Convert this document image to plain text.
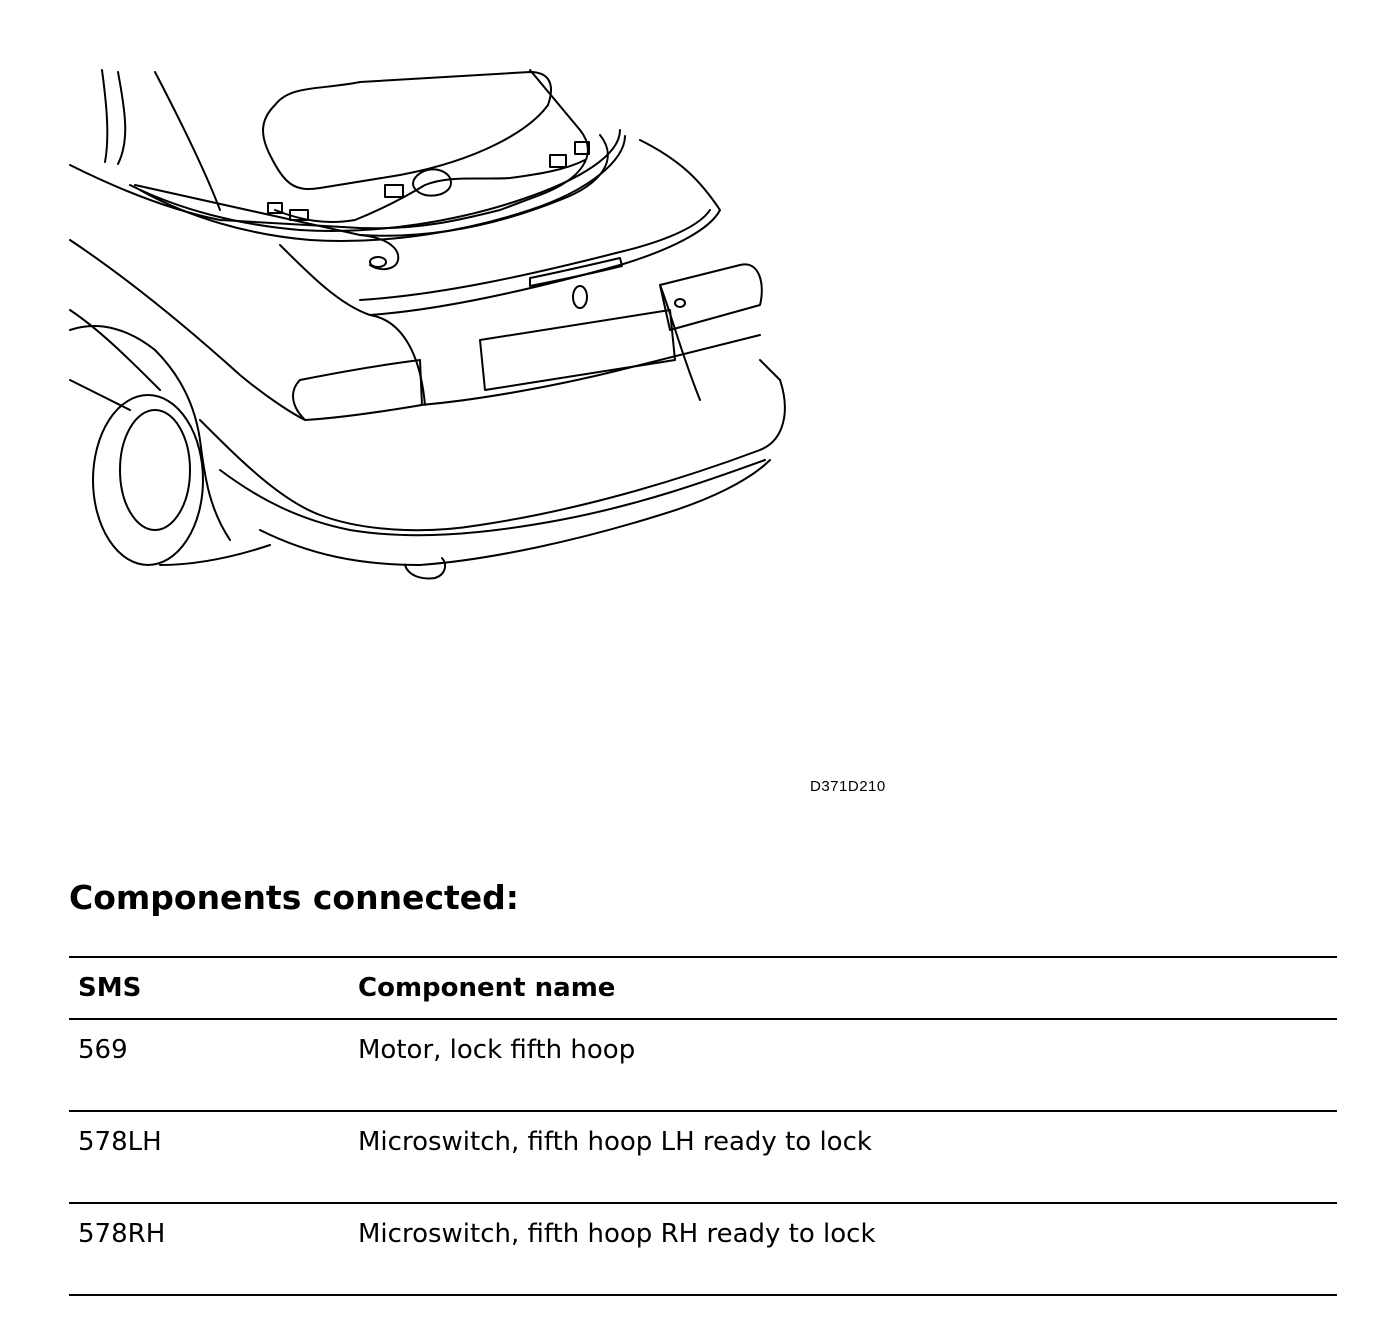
D371D210
Components connected:
SMS	Component name
569	Motor, lock fifth hoop
578LH	Microswitch, fifth hoop LH ready to lock
578RH	Microswitch, fifth hoop RH ready to lock
